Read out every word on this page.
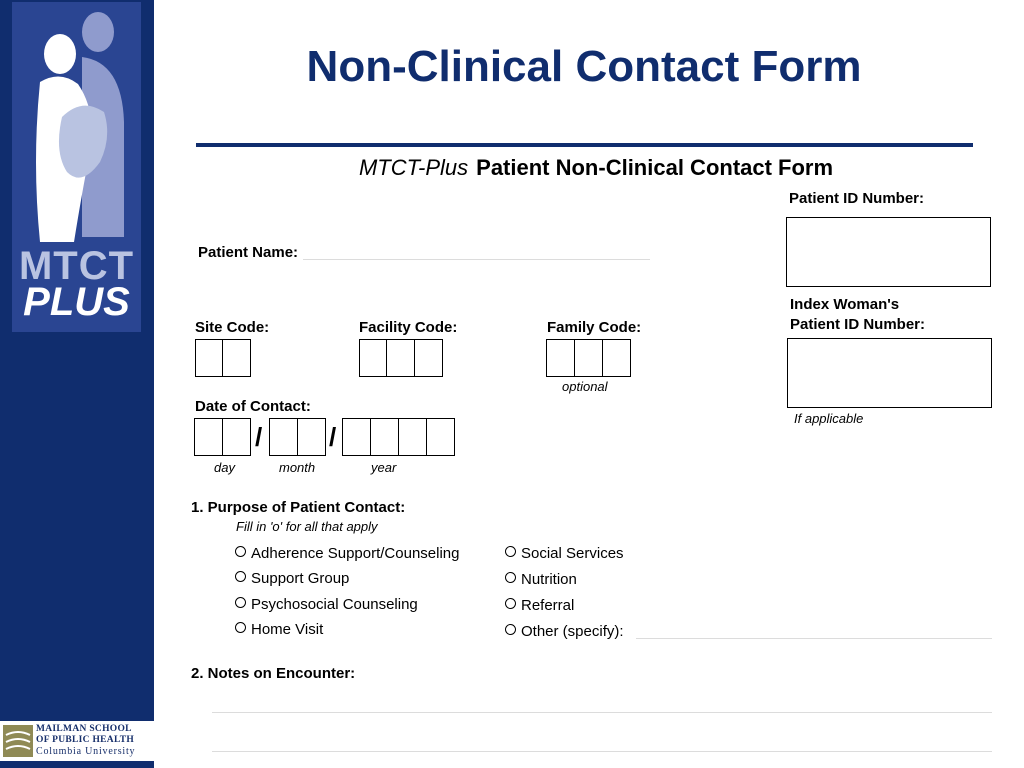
MTCT
PLUS
MAILMAN SCHOOL
OF PUBLIC HEALTH
Columbia University
Non-Clinical Contact Form
MTCT-Plus Patient Non-Clinical Contact Form
Patient ID Number:
Patient Name:
Index Woman's
Patient ID Number:
If applicable
Site Code:	Facility Code:	Family Code:
optional
Date of Contact:
/	/
day	month	year
1. Purpose of Patient Contact:
Fill in 'o' for all that apply
Adherence Support/Counseling
Support Group
Psychosocial Counseling
Home Visit
Social Services
Nutrition
Referral
Other (specify):
2. Notes on Encounter:
